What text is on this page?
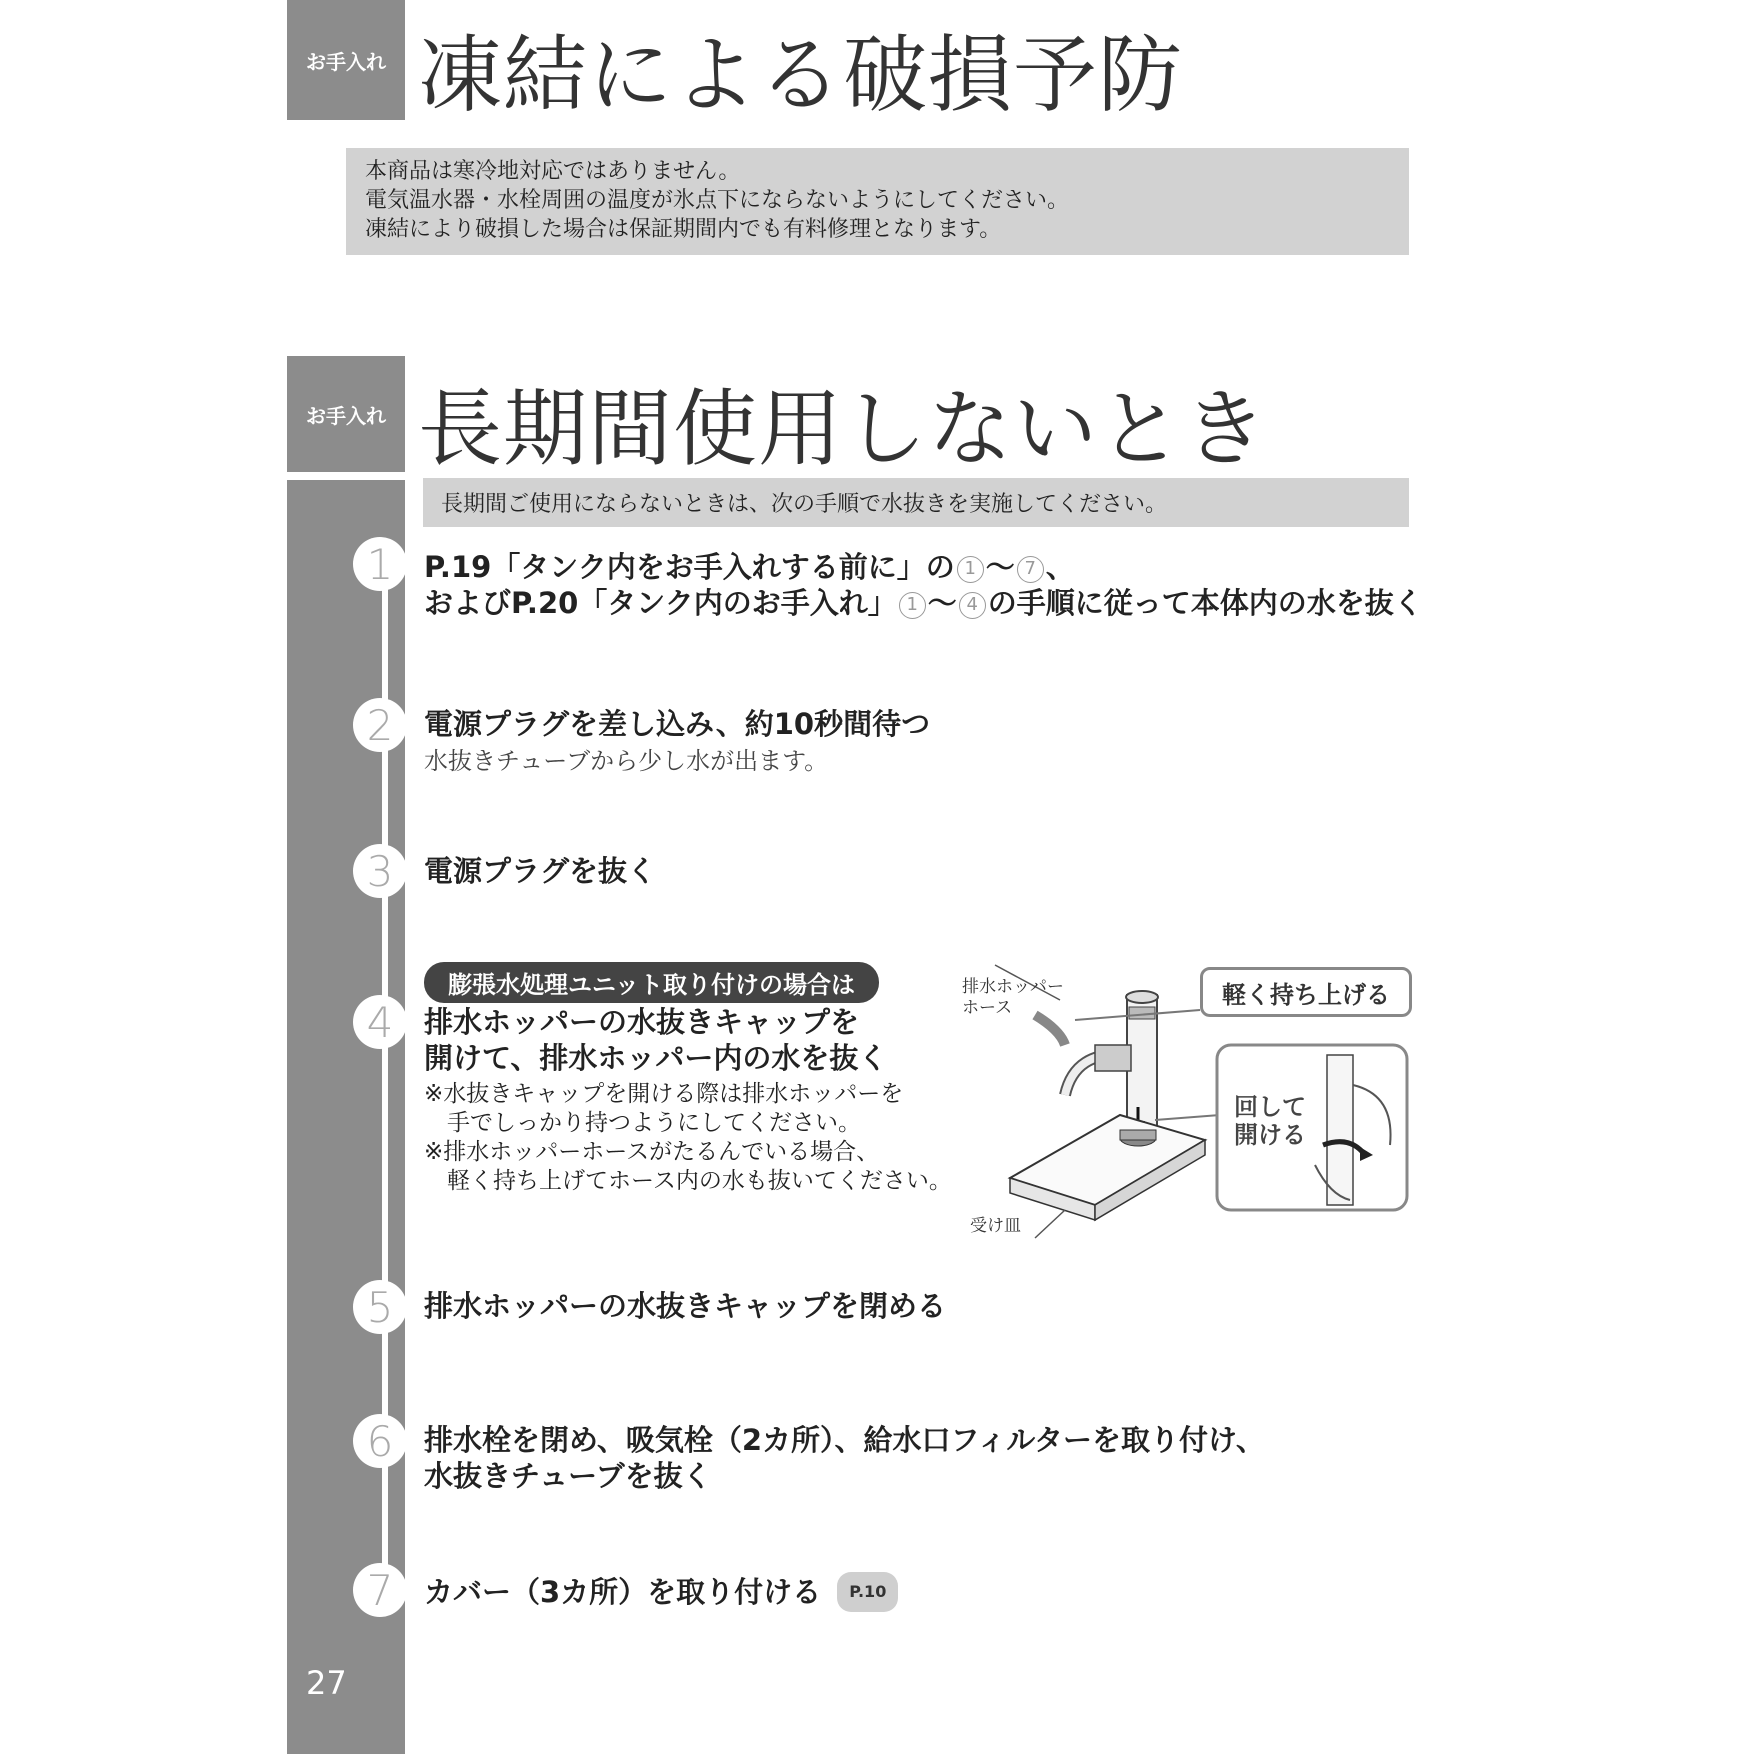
お手入れ 凍結による破損予防

本商品は寒冷地対応ではありません。

電気温水器・水栓周囲の温度が氷点下にならないようにしてください。

凍結により破損した場合は保証期間内でも有料修理となります。

お手入れ 長期間使用しないとき
長期間ご使用にならないときは、次の手順で水抜きを実施してください。
1	P.19「タンク内をお手入れする前に」の 1 〜 7 、
およびP.20「タンク内のお手入れ」 1 〜 4 の手順に従って本体内の水を抜く
2	電源プラグを差し込み、約10秒間待つ
水抜きチューブから少し水が出ます。
3	電源プラグを抜く
膨張水処理ユニット取り付けの場合は
4	排水ホッパーの水抜きキャップを
開けて、排水ホッパー内の水を抜く
※水抜きキャップを開ける際は排水ホッパーを
　手でしっかり持つようにしてください。
※排水ホッパーホースがたるんでいる場合、
　軽く持ち上げてホース内の水も抜いてください。
排水ホッパー
ホース	軽く持ち上げる
回して
開ける
受け皿
5	排水ホッパーの水抜きキャップを閉める
6	排水栓を閉め、吸気栓（2カ所）、給水口フィルターを取り付け、
水抜きチューブを抜く
7	カバー（3カ所）を取り付ける	P.10
27
